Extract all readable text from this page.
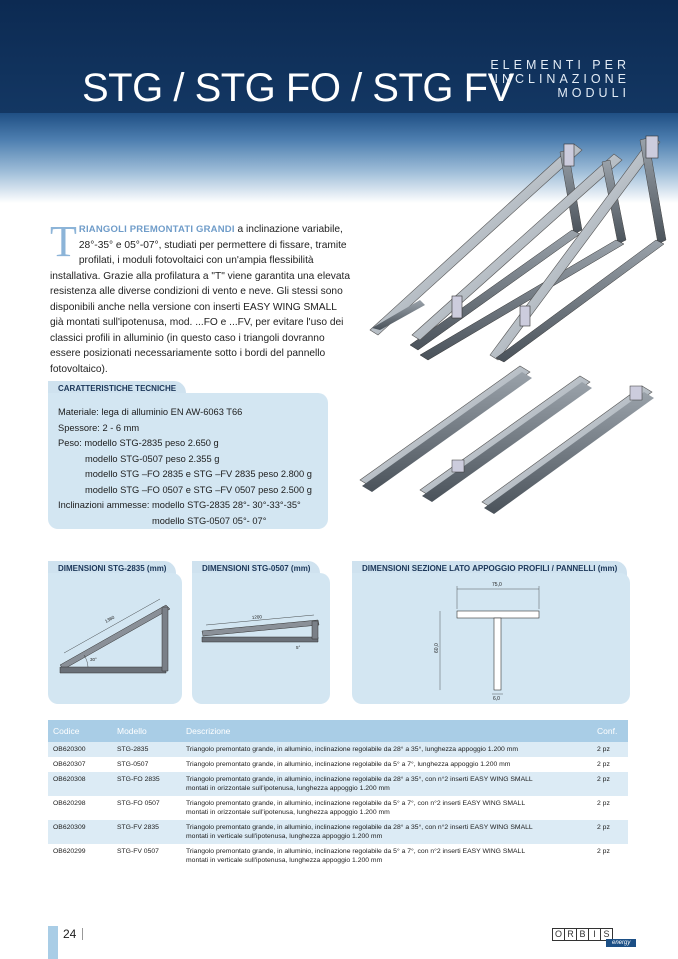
STG / STG FO / STG FV
ELEMENTI PER
INCLINAZIONE
MODULI
TRIANGOLI PREMONTATI GRANDI a inclinazione variabile, 28°-35° e 05°-07°, studiati per permettere di fissare, tramite profilati, i moduli fotovoltaici con un'ampia flessibilità installativa. Grazie alla profilatura a "T" viene garantita una elevata resistenza alle diverse condizioni di vento e neve. Gli stessi sono disponibili anche nella versione con inserti EASY WING SMALL già montati sull'ipotenusa, mod. ...FO e ...FV, per evitare l'uso dei classici profili in alluminio (in questo caso i triangoli dovranno essere posizionati necessariamente sotto i bordi del pannello fotovoltaico).
CARATTERISTICHE TECNICHE
Materiale: lega di alluminio EN AW-6063 T66
Spessore: 2 - 6 mm
Peso: modello STG-2835 peso 2.650 g
modello STG-0507 peso 2.355 g
modello STG –FO 2835 e STG –FV 2835 peso 2.800 g
modello STG –FO 0507 e STG –FV 0507 peso 2.500 g
Inclinazioni ammesse: modello STG-2835 28°- 30°-33°-35°
modello STG-0507 05°- 07°
DIMENSIONI STG-2835 (mm)
1380
30°
DIMENSIONI STG-0507 (mm)
1200
5°
DIMENSIONI SEZIONE LATO APPOGGIO PROFILI / PANNELLI (mm)
75,0
60,0
6,0
Codice	Modello	Descrizione	Conf.
OB620300	STG-2835	Triangolo premontato grande, in alluminio, inclinazione regolabile da 28° a 35°, lunghezza appoggio 1.200 mm	2 pz
OB620307	STG-0507	Triangolo premontato grande, in alluminio, inclinazione regolabile da 5° a 7°, lunghezza appoggio 1.200 mm	2 pz
OB620308	STG-FO 2835	Triangolo premontato grande, in alluminio, inclinazione regolabile da 28° a 35°, con n°2 inserti EASY WING SMALL
montati in orizzontale sull'ipotenusa, lunghezza appoggio 1.200 mm	2 pz
OB620298	STG-FO 0507	Triangolo premontato grande, in alluminio, inclinazione regolabile da 5° a 7°, con n°2 inserti EASY WING SMALL
montati in orizzontale sull'ipotenusa, lunghezza appoggio 1.200 mm	2 pz
OB620309	STG-FV 2835	Triangolo premontato grande, in alluminio, inclinazione regolabile da 28° a 35°, con n°2 inserti EASY WING SMALL
montati in verticale sull'ipotenusa, lunghezza appoggio 1.200 mm	2 pz
OB620299	STG-FV 0507	Triangolo premontato grande, in alluminio, inclinazione regolabile da 5° a 7°, con n°2 inserti EASY WING SMALL
montati in verticale sull'ipotenusa, lunghezza appoggio 1.200 mm	2 pz
24	O R B I S
energy
